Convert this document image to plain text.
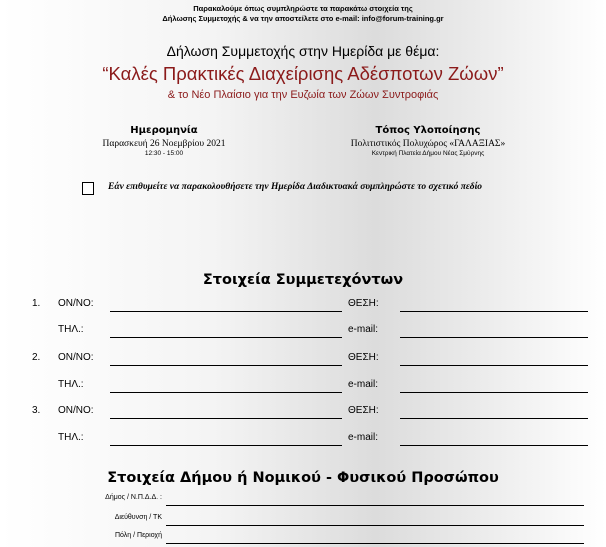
Παρακαλούμε όπως συμπληρώστε τα παρακάτω στοιχεία της
Δήλωσης Συμμετοχής & να την αποστείλετε στο e-mail: info@forum-training.gr
Δήλωση Συμμετοχής στην Ημερίδα με θέμα:
“Καλές Πρακτικές Διαχείρισης Αδέσποτων Ζώων”
& το Νέο Πλαίσιο για την Ευζωία των Ζώων Συντροφιάς
Ημερομηνία
Παρασκευή 26 Νοεμβρίου 2021
12:30 - 15:00
Τόπος Υλοποίησης
Πολιτιστικός Πολυχώρος «ΓΑΛΑΞΙΑΣ»
Κεντρική Πλατεία Δήμου Νέας Σμύρνης
Εάν επιθυμείτε να παρακολουθήσετε την Ημερίδα Διαδικτυακά συμπληρώστε το σχετικό πεδίο
Στοιχεία Συμμετεχόντων
1. ΟΝ/ΝΟ:	ΘΕΣΗ:
ΤΗΛ.:	e-mail:
2. ΟΝ/ΝΟ:	ΘΕΣΗ:
ΤΗΛ.:	e-mail:
3. ΟΝ/ΝΟ:	ΘΕΣΗ:
ΤΗΛ.:	e-mail:
Στοιχεία Δήμου ή Νομικού - Φυσικού Προσώπου
Δήμος / Ν.Π.Δ.Δ. :
Διεύθυνση / ΤΚ
Πόλη / Περιοχή
